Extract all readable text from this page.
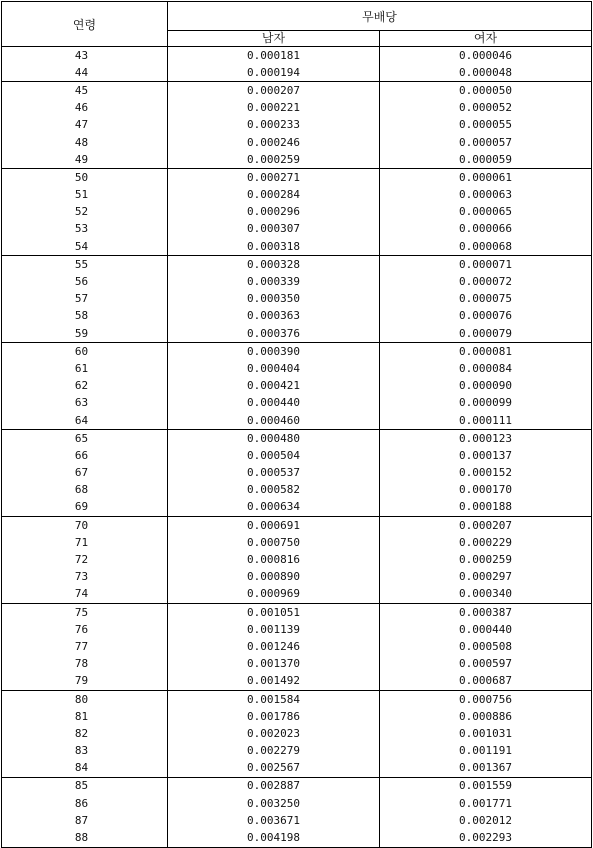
연령	무배당	
	남자	여자
43	0.000181	0.000046
44	0.000194	0.000048
45	0.000207	0.000050
46	0.000221	0.000052
47	0.000233	0.000055
48	0.000246	0.000057
49	0.000259	0.000059
50	0.000271	0.000061
51	0.000284	0.000063
52	0.000296	0.000065
53	0.000307	0.000066
54	0.000318	0.000068
55	0.000328	0.000071
56	0.000339	0.000072
57	0.000350	0.000075
58	0.000363	0.000076
59	0.000376	0.000079
60	0.000390	0.000081
61	0.000404	0.000084
62	0.000421	0.000090
63	0.000440	0.000099
64	0.000460	0.000111
65	0.000480	0.000123
66	0.000504	0.000137
67	0.000537	0.000152
68	0.000582	0.000170
69	0.000634	0.000188
70	0.000691	0.000207
71	0.000750	0.000229
72	0.000816	0.000259
73	0.000890	0.000297
74	0.000969	0.000340
75	0.001051	0.000387
76	0.001139	0.000440
77	0.001246	0.000508
78	0.001370	0.000597
79	0.001492	0.000687
80	0.001584	0.000756
81	0.001786	0.000886
82	0.002023	0.001031
83	0.002279	0.001191
84	0.002567	0.001367
85	0.002887	0.001559
86	0.003250	0.001771
87	0.003671	0.002012
88	0.004198	0.002293
